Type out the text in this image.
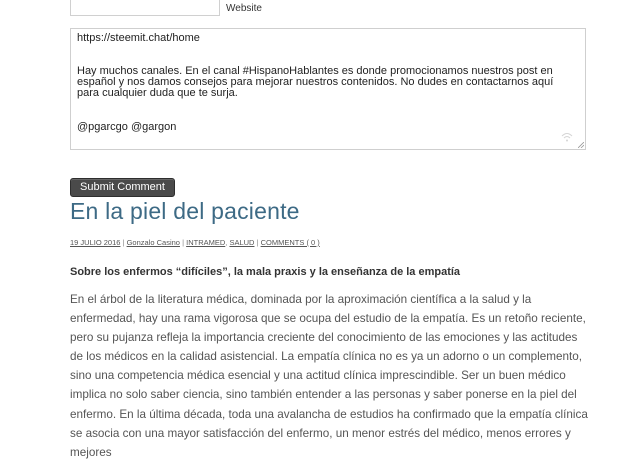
Website

https://steemit.chat/home

Hay muchos canales. En el canal #HispanoHablantes es donde promocionamos nuestros post en

español y nos damos consejos para mejorar nuestros contenidos. No dudes en contactarnos aquí

para cualquier duda que te surja.

@pgarcgo @gargon

Submit Comment
En la piel del paciente
19 JULIO 2016 | Gonzalo Casino | INTRAMED, SALUD | COMMENTS ( 0 )

Sobre los enfermos “difíciles”, la mala praxis y la enseñanza de la empatía

En el árbol de la literatura médica, dominada por la aproximación científica a la salud y la enfermedad, hay una rama vigorosa que se ocupa del estudio de la empatía. Es un retoño reciente, pero su pujanza refleja la importancia creciente del conocimiento de las emociones y las actitudes de los médicos en la calidad asistencial. La empatía clínica no es ya un adorno o un complemento, sino una competencia médica esencial y una actitud clínica imprescindible. Ser un buen médico implica no solo saber ciencia, sino también entender a las personas y saber ponerse en la piel del enfermo. En la última década, toda una avalancha de estudios ha confirmado que la empatía clínica se asocia con una mayor satisfacción del enfermo, un menor estrés del médico, menos errores y mejores
